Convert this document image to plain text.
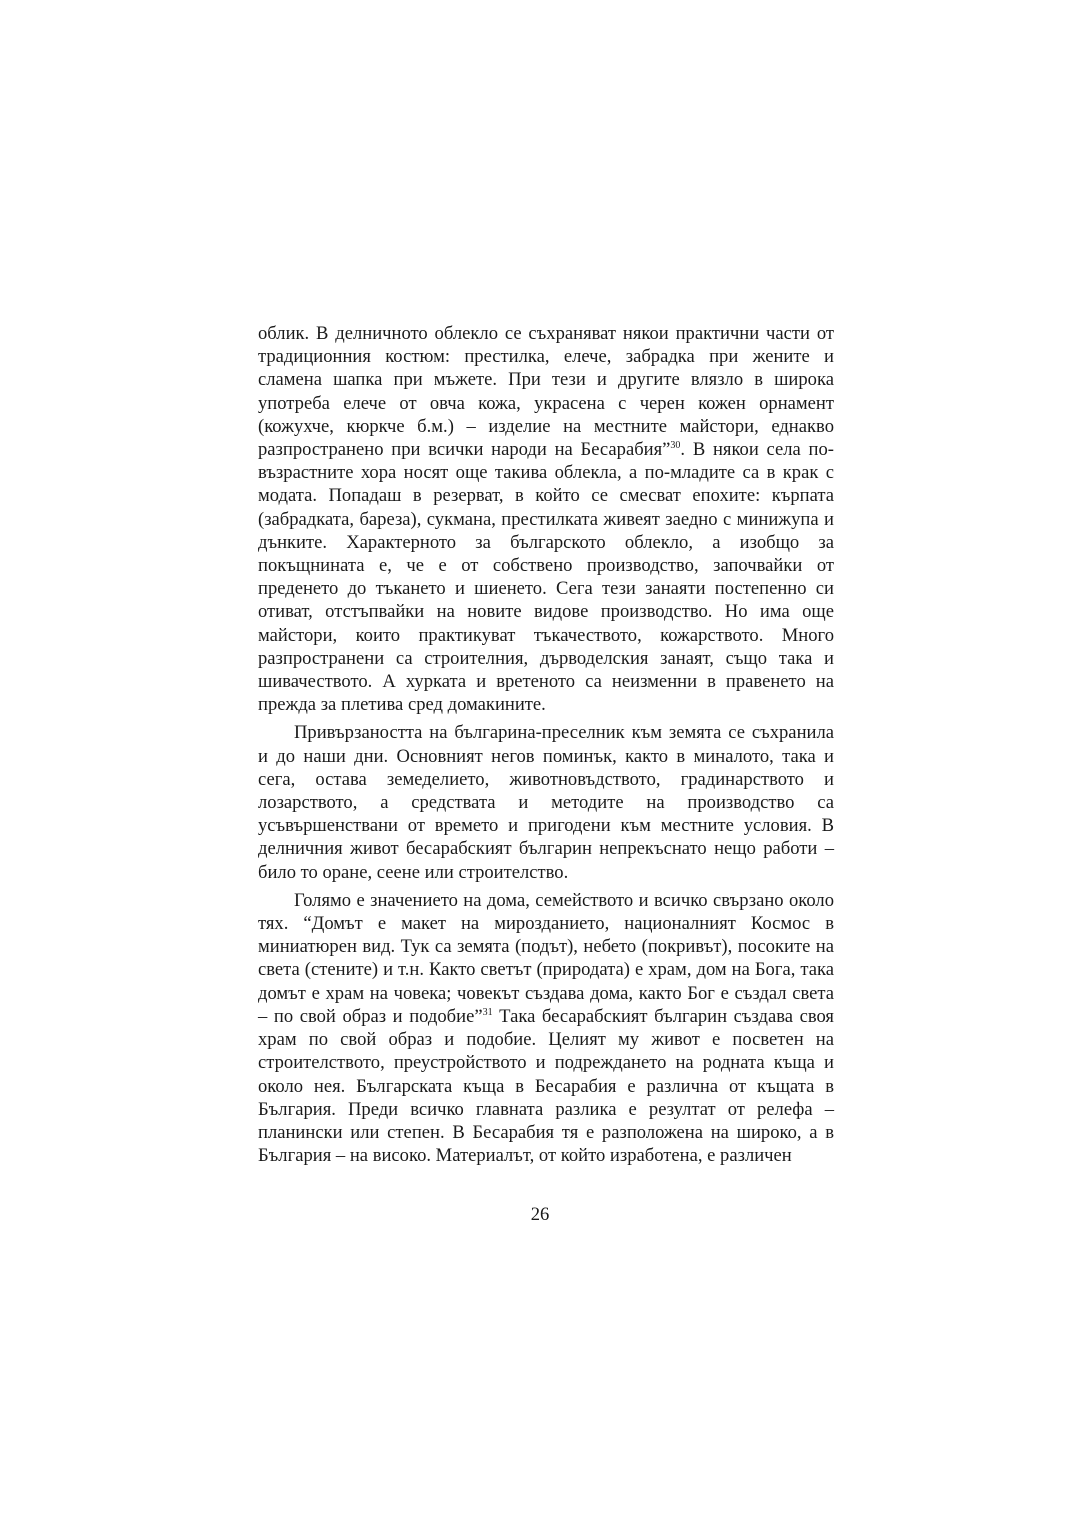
облик. В делничното облекло се съхраняват някои практични части от традиционния костюм: престилка, елече, забрадка при жените и сламена шапка при мъжете. При тези и другите влязло в широка употреба елече от овча кожа, украсена с черен кожен орнамент (кожухче, кюркче б.м.) – изделие на местните майстори, еднакво разпространено при всички народи на Бесарабия”$^{30}$. В някои села по-възрастните хора носят още такива облекла, а по-младите са в крак с модата. Попадаш в резерват, в който се смесват епохите: кърпата (забрадката, бареза), сукмана, престилката живеят заедно с минижупа и дънките. Характерното за българското облекло, а изобщо за покъщнината е, че е от собствено производство, започвайки от преденето до тъкането и шиенето. Сега тези занаяти постепенно си отиват, отстъпвайки на новите видове производство. Но има още майстори, които практикуват тъкачеството, кожарството. Много разпространени са строителния, дърводелския занаят, също така и шивачеството. А хурката и вретеното са неизменни в правенето на прежда за плетива сред домакините.

Привързаността на българина-преселник към земята се съхранила и до наши дни. Основният негов поминък, както в миналото, така и сега, остава земеделието, животновъдството, градинарството и лозарството, а средствата и методите на производство са усъвършенствани от времето и пригодени към местните условия. В делничния живот бесарабският българин непрекъснато нещо работи – било то оране, сеене или строителство.

Голямо е значението на дома, семейството и всичко свързано около тях. “Домът е макет на мирозданието, националният Космос в миниатюрен вид. Тук са земята (подът), небето (покривът), посоките на света (стените) и т.н. Както светът (природата) е храм, дом на Бога, така домът е храм на човека; човекът създава дома, както Бог е създал света – по свой образ и подобие”$^{31}$ Така бесарабският българин създава своя храм по свой образ и подобие. Целият му живот е посветен на строителството, преустройството и подреждането на родната къща и около нея. Българската къща в Бесарабия е различна от къщата в България. Преди всичко главната разлика е резултат от релефа – планински или степен. В Бесарабия тя е разположена на широко, а в България – на високо. Материалът, от който изработена, е различен

26
